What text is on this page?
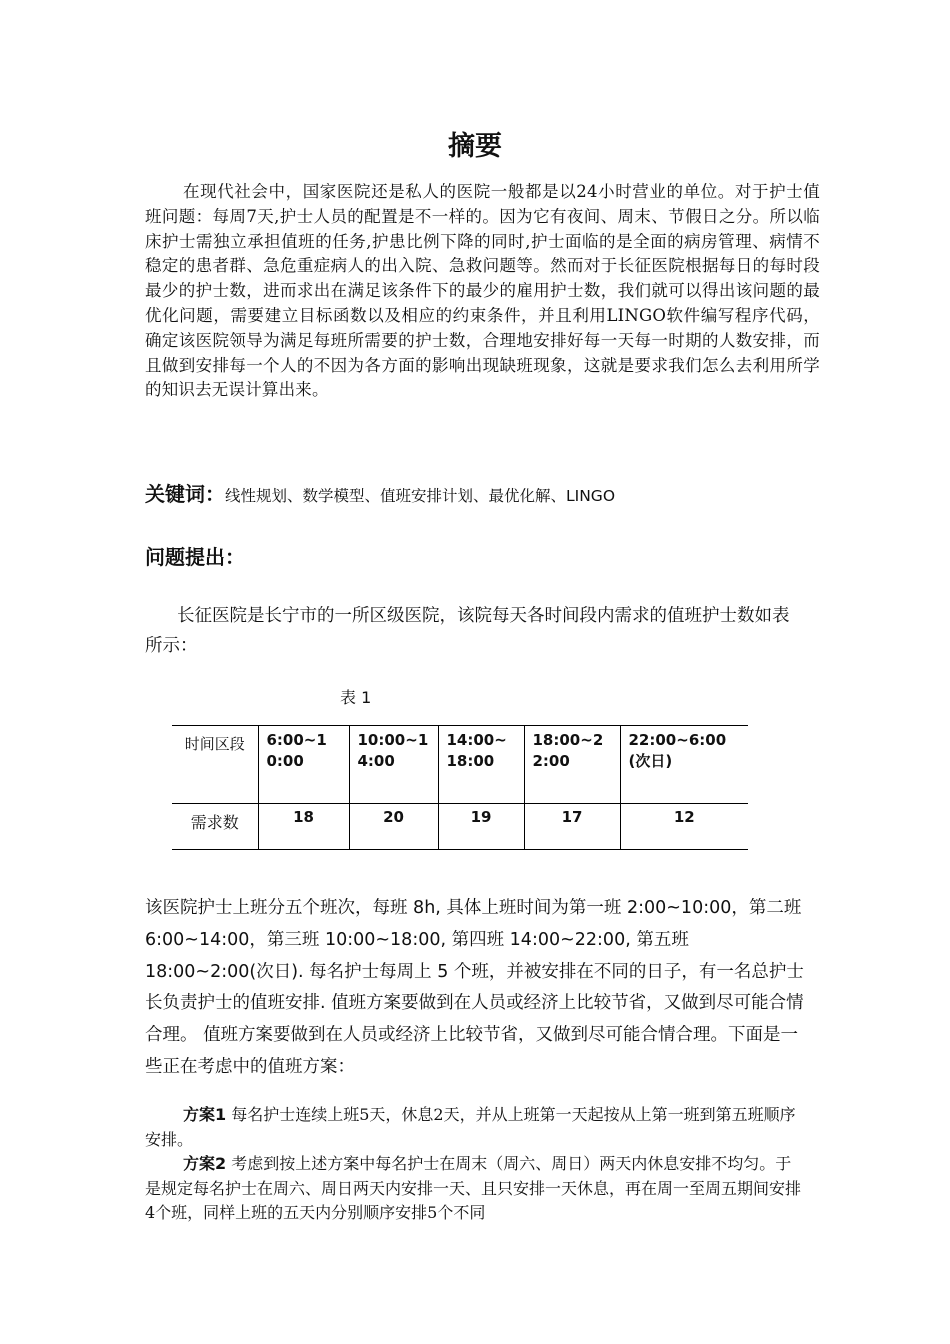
摘要

在现代社会中，国家医院还是私人的医院一般都是以24小时营业的单位。对于护士值班问题：每周7天,护士人员的配置是不一样的。因为它有夜间、周末、节假日之分。所以临床护士需独立承担值班的任务,护患比例下降的同时,护士面临的是全面的病房管理、病情不稳定的患者群、急危重症病人的出入院、急救问题等。然而对于长征医院根据每日的每时段最少的护士数，进而求出在满足该条件下的最少的雇用护士数，我们就可以得出该问题的最优化问题，需要建立目标函数以及相应的约束条件，并且利用LINGO软件编写程序代码，确定该医院领导为满足每班所需要的护士数，合理地安排好每一天每一时期的人数安排，而且做到安排每一个人的不因为各方面的影响出现缺班现象，这就是要求我们怎么去利用所学的知识去无误计算出来。

关键词：线性规划、数学模型、值班安排计划、最优化解、LINGO

问题提出：

长征医院是长宁市的一所区级医院，该院每天各时间段内需求的值班护士数如表所示：

表 1

时间区段	6:00~10:00	10:00~14:00	14:00~18:00	18:00~22:00	22:00~6:00(次日)

需求数	18	20	19	17	12

该医院护士上班分五个班次，每班 8h, 具体上班时间为第一班 2:00~10:00，第二班 6:00~14:00，第三班 10:00~18:00, 第四班 14:00~22:00, 第五班 18:00~2:00(次日). 每名护士每周上 5 个班，并被安排在不同的日子，有一名总护士长负责护士的值班安排. 值班方案要做到在人员或经济上比较节省，又做到尽可能合情合理。 值班方案要做到在人员或经济上比较节省，又做到尽可能合情合理。下面是一些正在考虑中的值班方案：

方案1 每名护士连续上班5天，休息2天，并从上班第一天起按从上第一班到第五班顺序安排。

方案2 考虑到按上述方案中每名护士在周末（周六、周日）两天内休息安排不均匀。于是规定每名护士在周六、周日两天内安排一天、且只安排一天休息，再在周一至周五期间安排4个班，同样上班的五天内分别顺序安排5个不同
